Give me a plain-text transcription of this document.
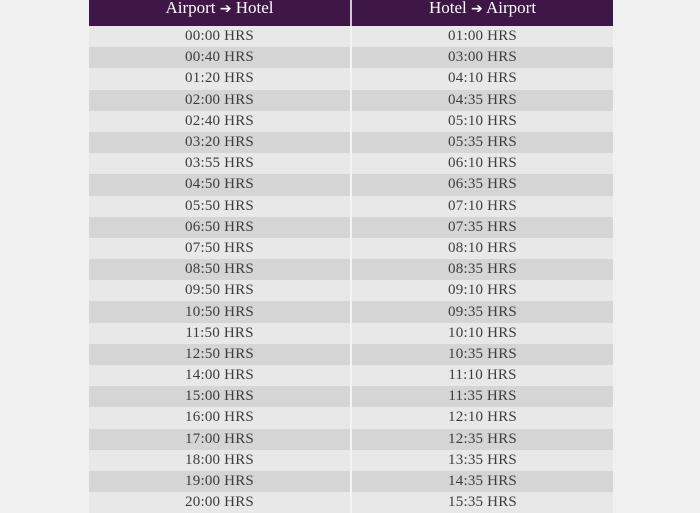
Airport ➔ Hotel	Hotel ➔ Airport
00:00 HRS	01:00 HRS
00:40 HRS	03:00 HRS
01:20 HRS	04:10 HRS
02:00 HRS	04:35 HRS
02:40 HRS	05:10 HRS
03:20 HRS	05:35 HRS
03:55 HRS	06:10 HRS
04:50 HRS	06:35 HRS
05:50 HRS	07:10 HRS
06:50 HRS	07:35 HRS
07:50 HRS	08:10 HRS
08:50 HRS	08:35 HRS
09:50 HRS	09:10 HRS
10:50 HRS	09:35 HRS
11:50 HRS	10:10 HRS
12:50 HRS	10:35 HRS
14:00 HRS	11:10 HRS
15:00 HRS	11:35 HRS
16:00 HRS	12:10 HRS
17:00 HRS	12:35 HRS
18:00 HRS	13:35 HRS
19:00 HRS	14:35 HRS
20:00 HRS	15:35 HRS
